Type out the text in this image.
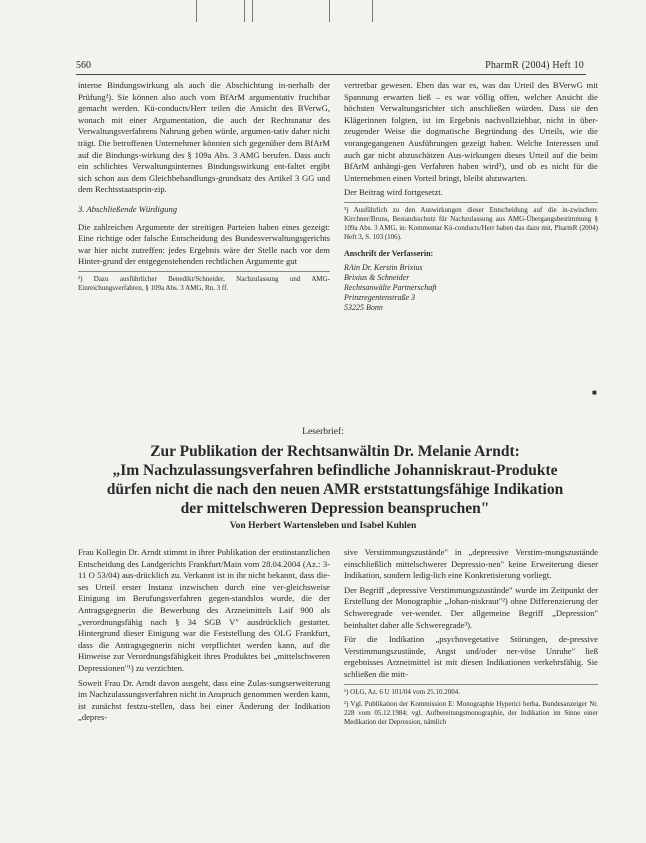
560	PharmR (2004) Heft 10

interne Bindungswirkung als auch die Abschichtung in-nerhalb der Prüfung²). Sie können also auch vom BfArM argumentativ fruchtbar gemacht werden. Kü-conducts/Herr teilen die Ansicht des BVerwG, wonach mit einer Argumentation, die auch der Rechtsnatur des Verwaltungsverfahrens Nahrung geben würde, argumen-tativ daher nicht trägt. Die betroffenen Unternehmer könnten sich gegenüber dem BfArM auf die Bindungs-wirkung des § 109a Abs. 3 AMG berufen. Dass auch ein schlichtes Verwaltungsinternes Bindungswirkung ent-faltet ergibt sich schon aus dem Gleichbehandlungs-grundsatz des Artikel 3 GG und dem Rechtsstaatsprin-zip.

3. Abschließende Würdigung

Die zahlreichen Argumente der streitigen Parteien haben eines gezeigt: Eine richtige oder falsche Entscheidung des Bundesverwaltungsgerichts war hier nicht zutreffen: jedes Ergebnis wäre der Stelle nach vor dem Hinter-grund der entgegenstehenden rechtlichen Argumente gut

²) Dazu ausführlicher Benedikt/Schneider, Nachzulassung und AMG-Einreichungsverfahren, § 109a Abs. 3 AMG, Rn. 3 ff.

vertretbar gewesen. Eben das war es, was das Urteil des BVerwG mit Spannung erwarten ließ – es war völlig offen, welcher Ansicht die höchsten Verwaltungsrichter sich anschließen würden. Dass sie den Klägerinnen folgten, ist im Ergebnis nachvollziehbar, nicht in über-zeugender Weise die dogmatische Begründung des Urteils, wie die vorangegangenen Ausführungen gezeigt haben. Welche Interessen und auch gar nicht abzuschätzen Aus-wirkungen dieses Urteil auf die beim BfArM anhängi-gen Verfahren haben wird³), und ob es nicht für die Unternehmen einen Vorteil bringt, bleibt abzuwarten.

Der Beitrag wird fortgesetzt.

³) Ausführlich zu den Auswirkungen dieser Entscheidung auf die in-zwischen: Kirchner/Bruns, Bestandsschutz für Nachzulassung aus AMG-Übergangsbestimmung § 109a Abs. 3 AMG, in: Kommentar Kü-conducts/Herr haben das dazu mit, PharmR (2004) Heft 3, S. 103 (106).

Anschrift der Verfasserin:

RAin Dr. Kerstin Brixius
Brixius & Schneider
Rechtsanwälte Partnerschaft
Prinzregentenstraße 3
53225 Bonn
■
Leserbrief:
Zur Publikation der Rechtsanwältin Dr. Melanie Arndt:
„Im Nachzulassungsverfahren befindliche Johanniskraut-Produkte
dürfen nicht die nach den neuen AMR erststattungsfähige Indikation
der mittelschweren Depression beanspruchen"
Von Herbert Wartensleben und Isabel Kuhlen

Frau Kollegin Dr. Arndt stimmt in ihrer Publikation der erstinstanzlichen Entscheidung des Landgerichts Frankfurt/Main vom 28.04.2004 (Az.: 3-11 O 53/04) aus-drücklich zu. Verkannt ist in ihr nicht bekannt, dass die-ses Urteil erster Instanz inzwischen durch eine ver-gleichsweise Einigung im Berufungsverfahren gegen-standslos wurde, die der Antragsgegnerin die Bewerbung des Arzneimittels Laif 900 als „verordnungsfähig nach § 34 SGB V" ausdrücklich gestattet. Hintergrund dieser Einigung war die Feststellung des OLG Frankfurt, dass die Antragsgegnerin nicht verpflichtet werden kann, auf die Hinweise zur Verordnungsfähigkeit ihres Produktes bei „mittelschweren Depressionen"¹) zu verzichten.

Soweit Frau Dr. Arndt davon ausgeht, dass eine Zulas-sungserweiterung im Nachzulassungsverfahren nicht in Anspruch genommen werden kann, ist zunächst festzu-stellen, dass bei einer Änderung der Indikation „depres-

sive Verstimmungszustände" in „depressive Verstim-mungszustände einschließlich mittelschwerer Depressio-nen" keine Erweiterung dieser Indikation, sondern ledig-lich eine Konkretisierung vorliegt.

Der Begriff „depressive Verstimmungszustände" wurde im Zeitpunkt der Erstellung der Monographie „Johan-niskraut"²) ohne Differenzierung der Schweregrade ver-wendet. Der allgemeine Begriff „Depression" beinhaltet daher alle Schweregrade³).

Für die Indikation „psychovegetative Störungen, de-pressive Verstimmungszustände, Angst und/oder ner-vöse Unruhe" ließ ergebnisses Arzneimittel ist mit diesen Indikationen verkehrsfähig. Sie schließen die mitt-

¹) OLG, Az. 6 U 101/04 vom 25.10.2004.

²) Vgl. Publikation der Kommission E: Monographie Hyperici herba, Bundesanzeiger Nr. 228 vom 05.12.1984; vgl. Aufbereitungsmonographie, der Indikation im Sinne einer Medikation der Depression, nämlich
